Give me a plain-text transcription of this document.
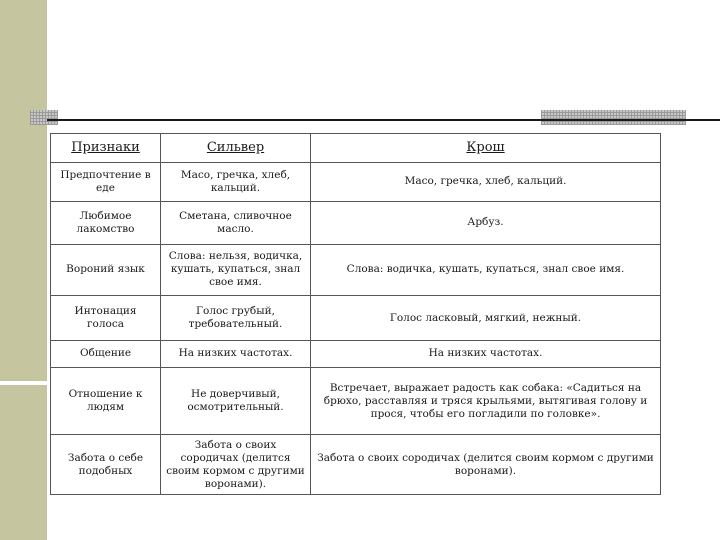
Признаки	Сильвер	Крош
Предпочтение в еде	Масо, гречка, хлеб, кальций.	Масо, гречка, хлеб, кальций.
Любимое лакомство	Сметана, сливочное масло.	Арбуз.
Вороний язык	Слова: нельзя, водичка, кушать, купаться, знал свое имя.	Слова: водичка, кушать, купаться, знал свое имя.
Интонация голоса	Голос грубый, требовательный.	Голос ласковый, мягкий, нежный.
Общение	На низких частотах.	На низких частотах.
Отношение к людям	Не доверчивый, осмотрительный.	Встречает, выражает радость как собака: «Садиться на брюхо, расставляя и тряся крыльями, вытягивая голову и прося, чтобы его погладили по головке».
Забота о себе подобных	Забота о своих сородичах (делится своим кормом с другими воронами).	Забота о своих сородичах (делится своим кормом с другими воронами).
